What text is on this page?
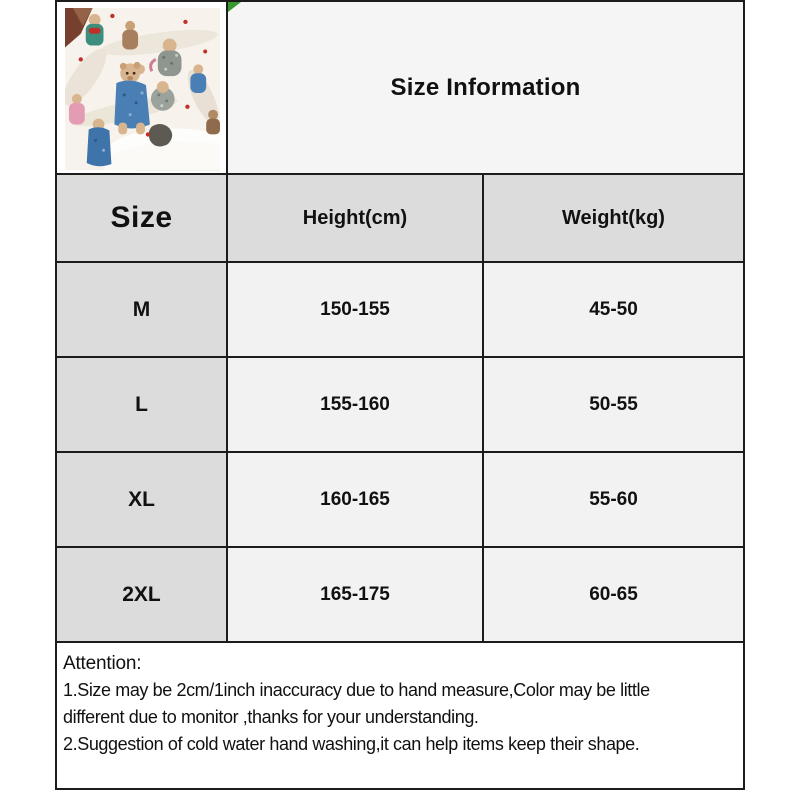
Size Information
Size	Height(cm)	Weight(kg)
M	150-155	45-50
L	155-160	50-55
XL	160-165	55-60
2XL	165-175	60-65
Attention:
1.Size may be 2cm/1inch inaccuracy due to hand measure,Color may be little
different due to monitor ,thanks for your understanding.
2.Suggestion of cold water hand washing,it can help items keep their shape.
